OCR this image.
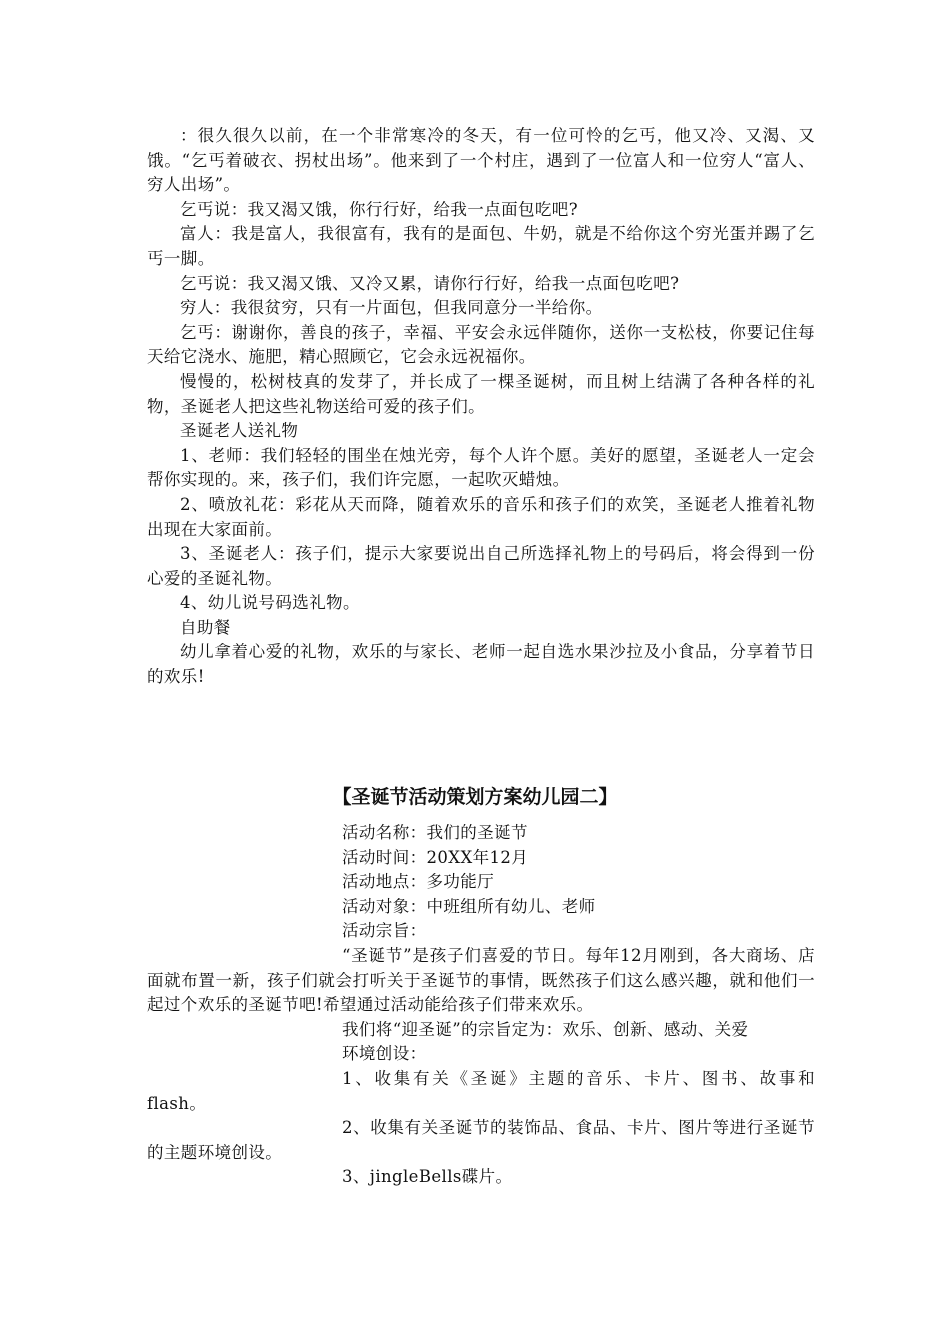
：很久很久以前，在一个非常寒冷的冬天，有一位可怜的乞丐，他又冷、又渴、又饿。“乞丐着破衣、拐杖出场”。他来到了一个村庄，遇到了一位富人和一位穷人“富人、穷人出场”。

乞丐说：我又渴又饿，你行行好，给我一点面包吃吧?

富人：我是富人，我很富有，我有的是面包、牛奶，就是不给你这个穷光蛋并踢了乞丐一脚。

乞丐说：我又渴又饿、又冷又累，请你行行好，给我一点面包吃吧?

穷人：我很贫穷，只有一片面包，但我同意分一半给你。

乞丐：谢谢你，善良的孩子，幸福、平安会永远伴随你，送你一支松枝，你要记住每天给它浇水、施肥，精心照顾它，它会永远祝福你。

慢慢的，松树枝真的发芽了，并长成了一棵圣诞树，而且树上结满了各种各样的礼物，圣诞老人把这些礼物送给可爱的孩子们。

圣诞老人送礼物

1、老师：我们轻轻的围坐在烛光旁，每个人许个愿。美好的愿望，圣诞老人一定会帮你实现的。来，孩子们，我们许完愿，一起吹灭蜡烛。

2、喷放礼花：彩花从天而降，随着欢乐的音乐和孩子们的欢笑，圣诞老人推着礼物出现在大家面前。

3、圣诞老人：孩子们，提示大家要说出自己所选择礼物上的号码后，将会得到一份心爱的圣诞礼物。

4、幼儿说号码选礼物。

自助餐

幼儿拿着心爱的礼物，欢乐的与家长、老师一起自选水果沙拉及小食品，分享着节日的欢乐!

【圣诞节活动策划方案幼儿园二】

活动名称：我们的圣诞节

活动时间：20XX年12月

活动地点：多功能厅

活动对象：中班组所有幼儿、老师

活动宗旨：

“圣诞节”是孩子们喜爱的节日。每年12月刚到，各大商场、店面就布置一新，孩子们就会打听关于圣诞节的事情，既然孩子们这么感兴趣，就和他们一起过个欢乐的圣诞节吧!希望通过活动能给孩子们带来欢乐。

我们将“迎圣诞”的宗旨定为：欢乐、创新、感动、关爱

环境创设：

1、收集有关《圣诞》主题的音乐、卡片、图书、故事和flash。

2、收集有关圣诞节的装饰品、食品、卡片、图片等进行圣诞节的主题环境创设。

3、jingleBells碟片。
